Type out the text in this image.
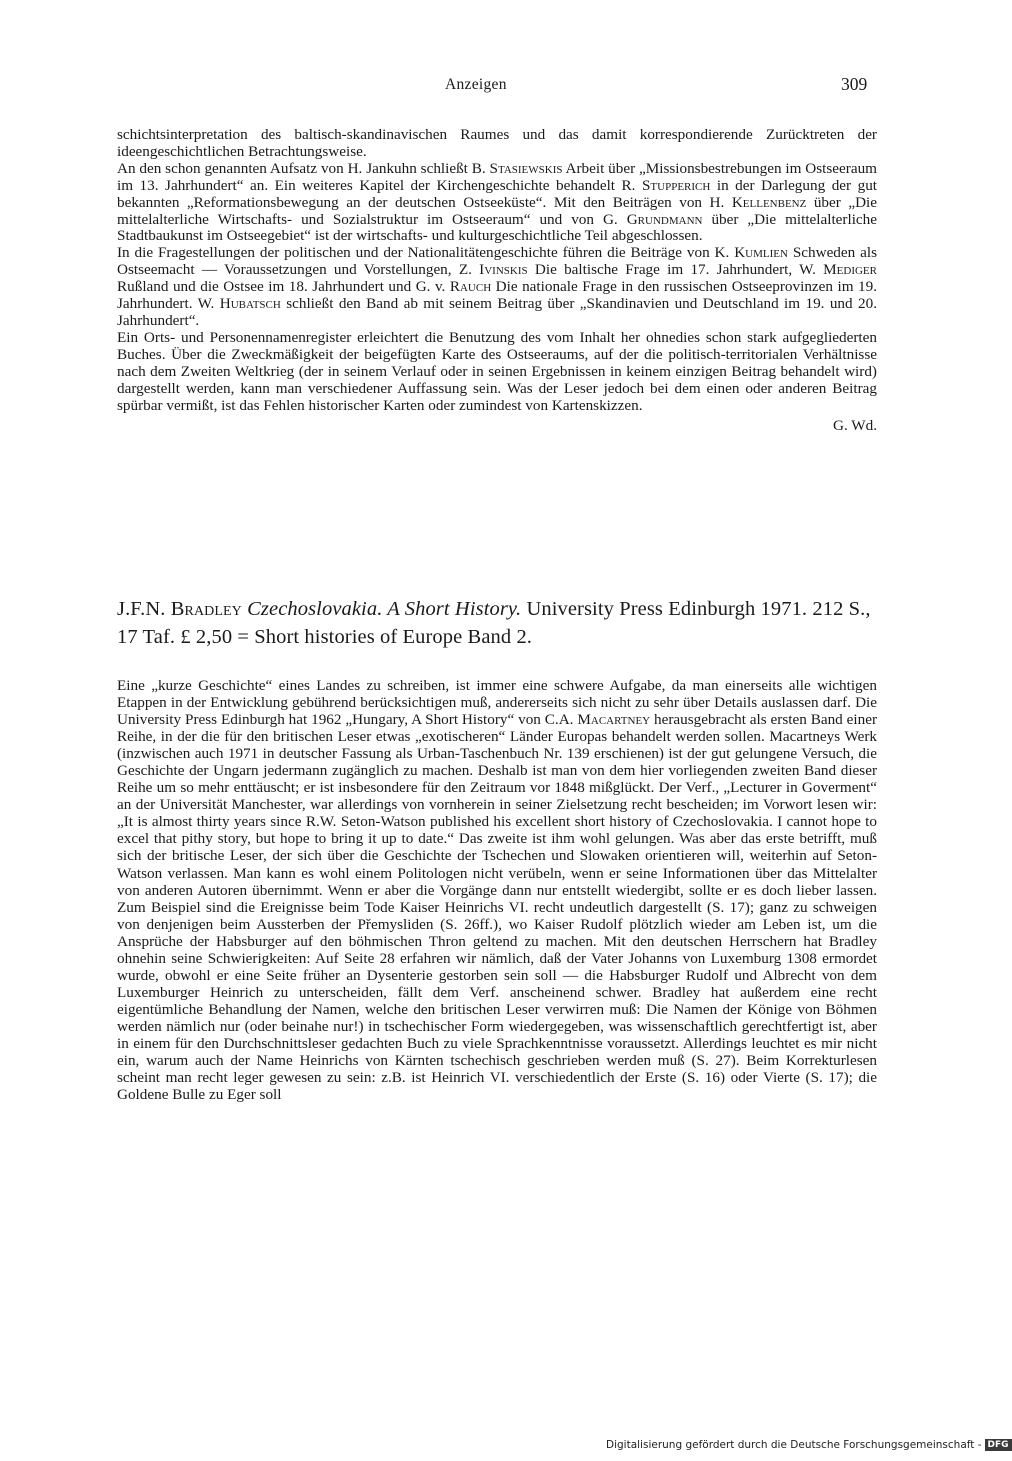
Anzeigen	309

schichtsinterpretation des baltisch-skandinavischen Raumes und das damit korrespondierende Zurücktreten der ideengeschichtlichen Betrachtungsweise.

An den schon genannten Aufsatz von H. Jankuhn schließt B. Stasiewskis Arbeit über „Missionsbestrebungen im Ostseeraum im 13. Jahrhundert“ an. Ein weiteres Kapitel der Kirchengeschichte behandelt R. Stupperich in der Darlegung der gut bekannten „Reformationsbewegung an der deutschen Ostseeküste“. Mit den Beiträgen von H. Kellenbenz über „Die mittelalterliche Wirtschafts- und Sozialstruktur im Ostseeraum“ und von G. Grundmann über „Die mittelalterliche Stadtbaukunst im Ostseegebiet“ ist der wirtschafts- und kulturgeschichtliche Teil abgeschlossen.

In die Fragestellungen der politischen und der Nationalitätengeschichte führen die Beiträge von K. Kumlien Schweden als Ostseemacht — Voraussetzungen und Vorstellungen, Z. Ivinskis Die baltische Frage im 17. Jahrhundert, W. Mediger Rußland und die Ostsee im 18. Jahrhundert und G. v. Rauch Die nationale Frage in den russischen Ostseeprovinzen im 19. Jahrhundert. W. Hubatsch schließt den Band ab mit seinem Beitrag über „Skandinavien und Deutschland im 19. und 20. Jahrhundert“.

Ein Orts- und Personennamenregister erleichtert die Benutzung des vom Inhalt her ohnedies schon stark aufgegliederten Buches. Über die Zweckmäßigkeit der beigefügten Karte des Ostseeraums, auf der die politisch-territorialen Verhältnisse nach dem Zweiten Weltkrieg (der in seinem Verlauf oder in seinen Ergebnissen in keinem einzigen Beitrag behandelt wird) dargestellt werden, kann man verschiedener Auffassung sein. Was der Leser jedoch bei dem einen oder anderen Beitrag spürbar vermißt, ist das Fehlen historischer Karten oder zumindest von Kartenskizzen.

G. Wd.

J.F.N. Bradley Czechoslovakia. A Short History. University Press Edinburgh 1971. 212 S., 17 Taf. £ 2,50 = Short histories of Europe Band 2.

Eine „kurze Geschichte“ eines Landes zu schreiben, ist immer eine schwere Aufgabe, da man einerseits alle wichtigen Etappen in der Entwicklung gebührend berücksichtigen muß, andererseits sich nicht zu sehr über Details auslassen darf. Die University Press Edinburgh hat 1962 „Hungary, A Short History“ von C.A. Macartney herausgebracht als ersten Band einer Reihe, in der die für den britischen Leser etwas „exotischeren“ Länder Europas behandelt werden sollen. Macartneys Werk (inzwischen auch 1971 in deutscher Fassung als Urban-Taschenbuch Nr. 139 erschienen) ist der gut gelungene Versuch, die Geschichte der Ungarn jedermann zugänglich zu machen. Deshalb ist man von dem hier vorliegenden zweiten Band dieser Reihe um so mehr enttäuscht; er ist insbesondere für den Zeitraum vor 1848 mißglückt. Der Verf., „Lecturer in Goverment“ an der Universität Manchester, war allerdings von vornherein in seiner Zielsetzung recht bescheiden; im Vorwort lesen wir: „It is almost thirty years since R.W. Seton-Watson published his excellent short history of Czechoslovakia. I cannot hope to excel that pithy story, but hope to bring it up to date.“ Das zweite ist ihm wohl gelungen. Was aber das erste betrifft, muß sich der britische Leser, der sich über die Geschichte der Tschechen und Slowaken orientieren will, weiterhin auf Seton-Watson verlassen. Man kann es wohl einem Politologen nicht verübeln, wenn er seine Informationen über das Mittelalter von anderen Autoren übernimmt. Wenn er aber die Vorgänge dann nur entstellt wiedergibt, sollte er es doch lieber lassen. Zum Beispiel sind die Ereignisse beim Tode Kaiser Heinrichs VI. recht undeutlich dargestellt (S. 17); ganz zu schweigen von denjenigen beim Aussterben der Přemysliden (S. 26ff.), wo Kaiser Rudolf plötzlich wieder am Leben ist, um die Ansprüche der Habsburger auf den böhmischen Thron geltend zu machen. Mit den deutschen Herrschern hat Bradley ohnehin seine Schwierigkeiten: Auf Seite 28 erfahren wir nämlich, daß der Vater Johanns von Luxemburg 1308 ermordet wurde, obwohl er eine Seite früher an Dysenterie gestorben sein soll — die Habsburger Rudolf und Albrecht von dem Luxemburger Heinrich zu unterscheiden, fällt dem Verf. anscheinend schwer. Bradley hat außerdem eine recht eigentümliche Behandlung der Namen, welche den britischen Leser verwirren muß: Die Namen der Könige von Böhmen werden nämlich nur (oder beinahe nur!) in tschechischer Form wiedergegeben, was wissenschaftlich gerechtfertigt ist, aber in einem für den Durchschnittsleser gedachten Buch zu viele Sprachkenntnisse voraussetzt. Allerdings leuchtet es mir nicht ein, warum auch der Name Heinrichs von Kärnten tschechisch geschrieben werden muß (S. 27). Beim Korrekturlesen scheint man recht leger gewesen zu sein: z.B. ist Heinrich VI. verschiedentlich der Erste (S. 16) oder Vierte (S. 17); die Goldene Bulle zu Eger soll

Digitalisierung gefördert durch die Deutsche Forschungsgemeinschaft - DFG
